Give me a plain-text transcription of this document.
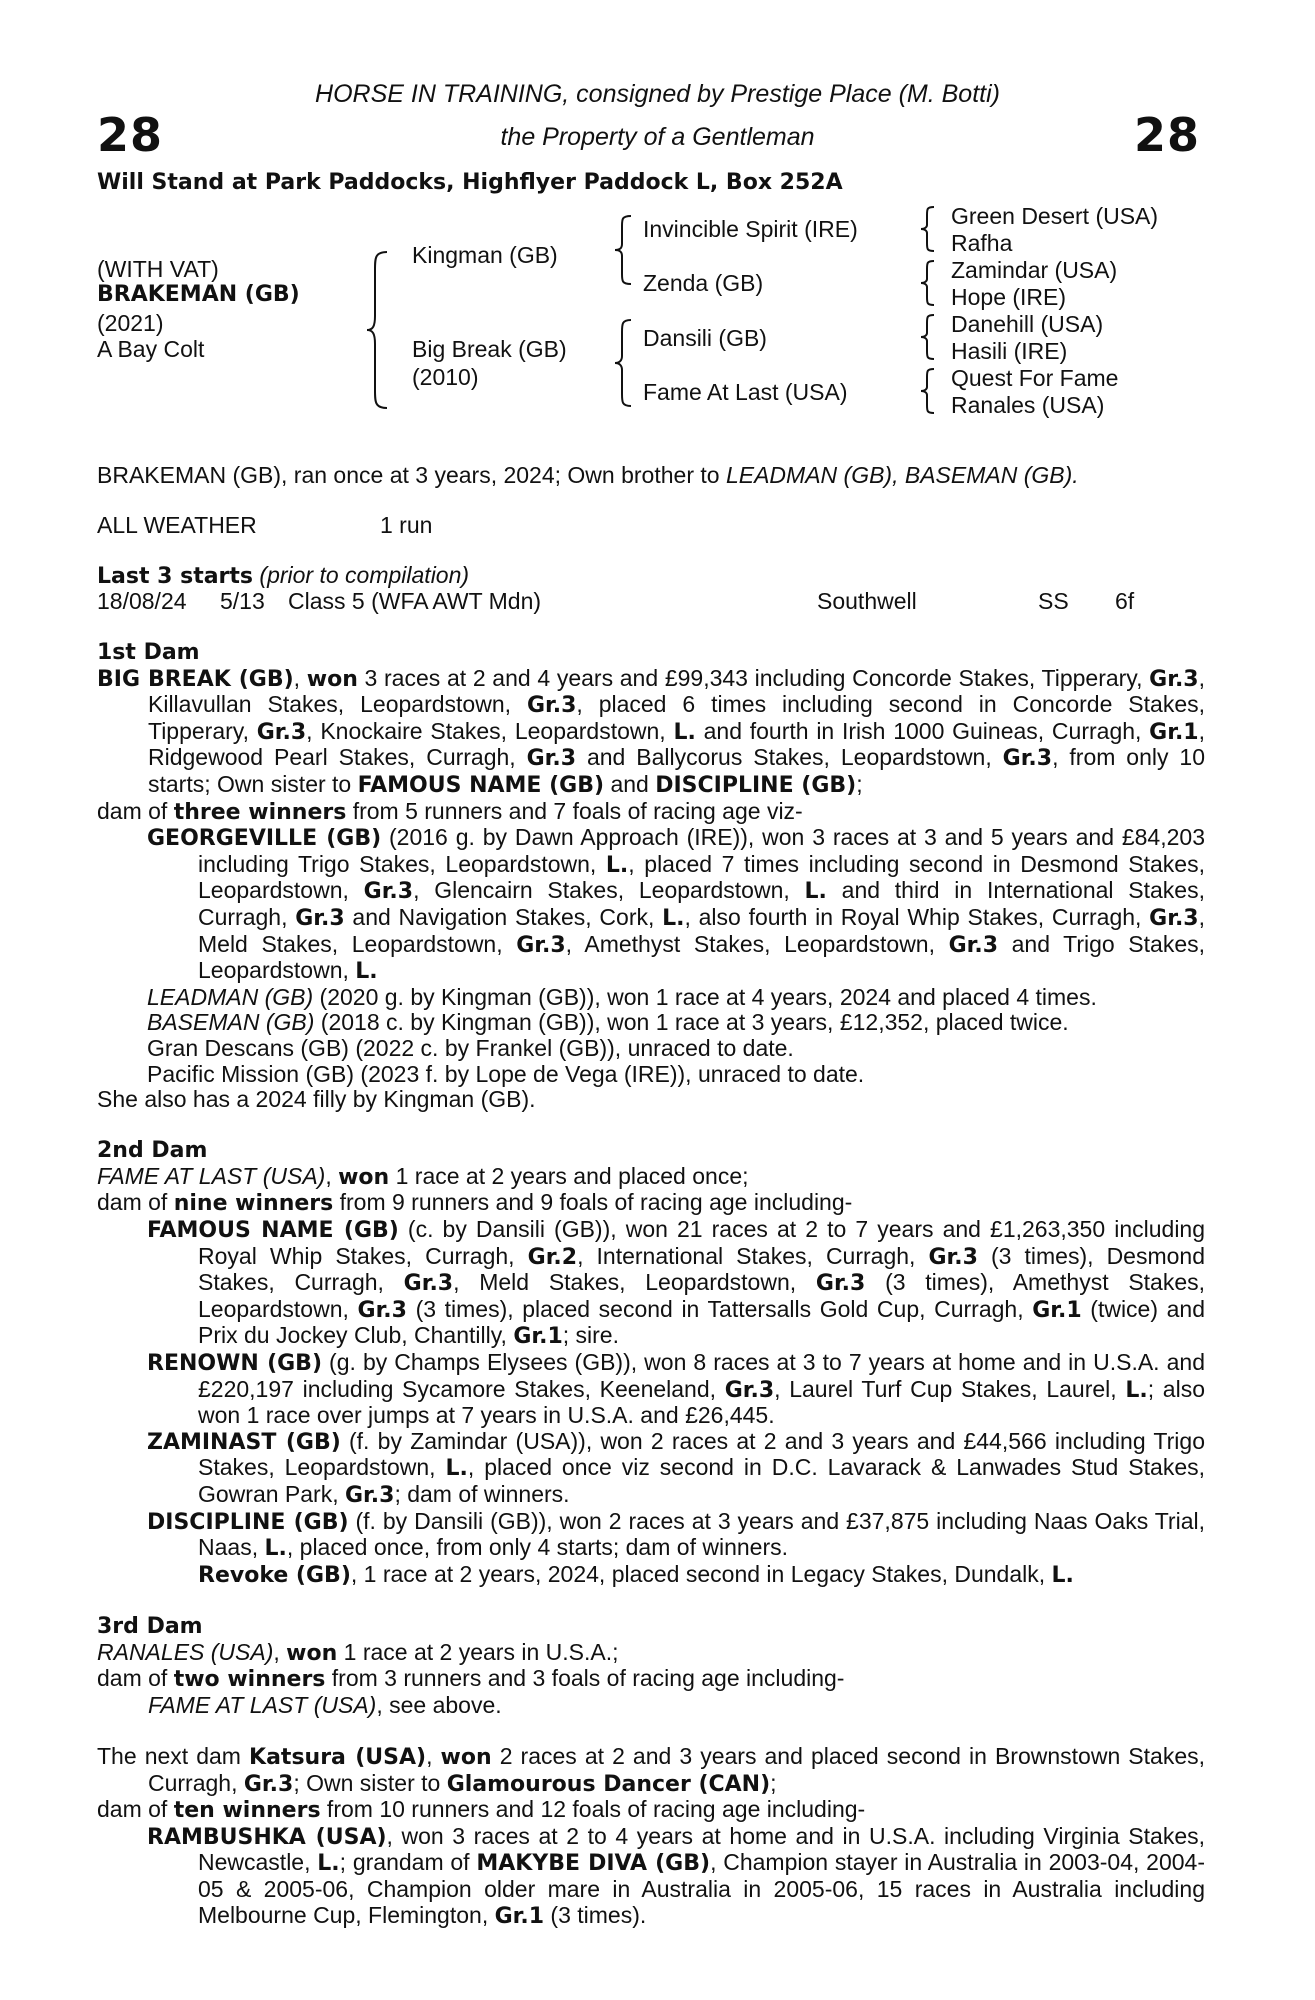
28	28
HORSE IN TRAINING, consigned by Prestige Place (M. Botti)
the Property of a Gentleman
Will Stand at Park Paddocks, Highflyer Paddock L, Box 252A
(WITH VAT)
BRAKEMAN (GB)
(2021)
A Bay Colt
Kingman (GB)
Big Break (GB)
(2010)
Invincible Spirit (IRE)
Zenda (GB)
Dansili (GB)
Fame At Last (USA)
Green Desert (USA)
Rafha
Zamindar (USA)
Hope (IRE)
Danehill (USA)
Hasili (IRE)
Quest For Fame
Ranales (USA)
BRAKEMAN (GB), ran once at 3 years, 2024; Own brother to LEADMAN (GB), BASEMAN (GB).
ALL WEATHER	1 run
Last 3 starts (prior to compilation)
18/08/24 5/13 Class 5 (WFA AWT Mdn)	Southwell	SS 6f
1st Dam
BIG BREAK (GB), won 3 races at 2 and 4 years and £99,343 including Concorde Stakes, Tipperary, Gr.3, Killavullan Stakes, Leopardstown, Gr.3, placed 6 times including second in Concorde Stakes, Tipperary, Gr.3, Knockaire Stakes, Leopardstown, L. and fourth in Irish 1000 Guineas, Curragh, Gr.1, Ridgewood Pearl Stakes, Curragh, Gr.3 and Ballycorus Stakes, Leopardstown, Gr.3, from only 10 starts; Own sister to FAMOUS NAME (GB) and DISCIPLINE (GB);
dam of three winners from 5 runners and 7 foals of racing age viz-
GEORGEVILLE (GB) (2016 g. by Dawn Approach (IRE)), won 3 races at 3 and 5 years and £84,203 including Trigo Stakes, Leopardstown, L., placed 7 times including second in Desmond Stakes, Leopardstown, Gr.3, Glencairn Stakes, Leopardstown, L. and third in International Stakes, Curragh, Gr.3 and Navigation Stakes, Cork, L., also fourth in Royal Whip Stakes, Curragh, Gr.3, Meld Stakes, Leopardstown, Gr.3, Amethyst Stakes, Leopardstown, Gr.3 and Trigo Stakes, Leopardstown, L.
LEADMAN (GB) (2020 g. by Kingman (GB)), won 1 race at 4 years, 2024 and placed 4 times.
BASEMAN (GB) (2018 c. by Kingman (GB)), won 1 race at 3 years, £12,352, placed twice.
Gran Descans (GB) (2022 c. by Frankel (GB)), unraced to date.
Pacific Mission (GB) (2023 f. by Lope de Vega (IRE)), unraced to date.
She also has a 2024 filly by Kingman (GB).
2nd Dam
FAME AT LAST (USA), won 1 race at 2 years and placed once;
dam of nine winners from 9 runners and 9 foals of racing age including-
FAMOUS NAME (GB) (c. by Dansili (GB)), won 21 races at 2 to 7 years and £1,263,350 including Royal Whip Stakes, Curragh, Gr.2, International Stakes, Curragh, Gr.3 (3 times), Desmond Stakes, Curragh, Gr.3, Meld Stakes, Leopardstown, Gr.3 (3 times), Amethyst Stakes, Leopardstown, Gr.3 (3 times), placed second in Tattersalls Gold Cup, Curragh, Gr.1 (twice) and Prix du Jockey Club, Chantilly, Gr.1; sire.
RENOWN (GB) (g. by Champs Elysees (GB)), won 8 races at 3 to 7 years at home and in U.S.A. and £220,197 including Sycamore Stakes, Keeneland, Gr.3, Laurel Turf Cup Stakes, Laurel, L.; also won 1 race over jumps at 7 years in U.S.A. and £26,445.
ZAMINAST (GB) (f. by Zamindar (USA)), won 2 races at 2 and 3 years and £44,566 including Trigo Stakes, Leopardstown, L., placed once viz second in D.C. Lavarack & Lanwades Stud Stakes, Gowran Park, Gr.3; dam of winners.
DISCIPLINE (GB) (f. by Dansili (GB)), won 2 races at 3 years and £37,875 including Naas Oaks Trial, Naas, L., placed once, from only 4 starts; dam of winners.
Revoke (GB), 1 race at 2 years, 2024, placed second in Legacy Stakes, Dundalk, L.
3rd Dam
RANALES (USA), won 1 race at 2 years in U.S.A.;
dam of two winners from 3 runners and 3 foals of racing age including-
FAME AT LAST (USA), see above.
The next dam Katsura (USA), won 2 races at 2 and 3 years and placed second in Brownstown Stakes, Curragh, Gr.3; Own sister to Glamourous Dancer (CAN);
dam of ten winners from 10 runners and 12 foals of racing age including-
RAMBUSHKA (USA), won 3 races at 2 to 4 years at home and in U.S.A. including Virginia Stakes, Newcastle, L.; grandam of MAKYBE DIVA (GB), Champion stayer in Australia in 2003-04, 2004-05 & 2005-06, Champion older mare in Australia in 2005-06, 15 races in Australia including Melbourne Cup, Flemington, Gr.1 (3 times).
